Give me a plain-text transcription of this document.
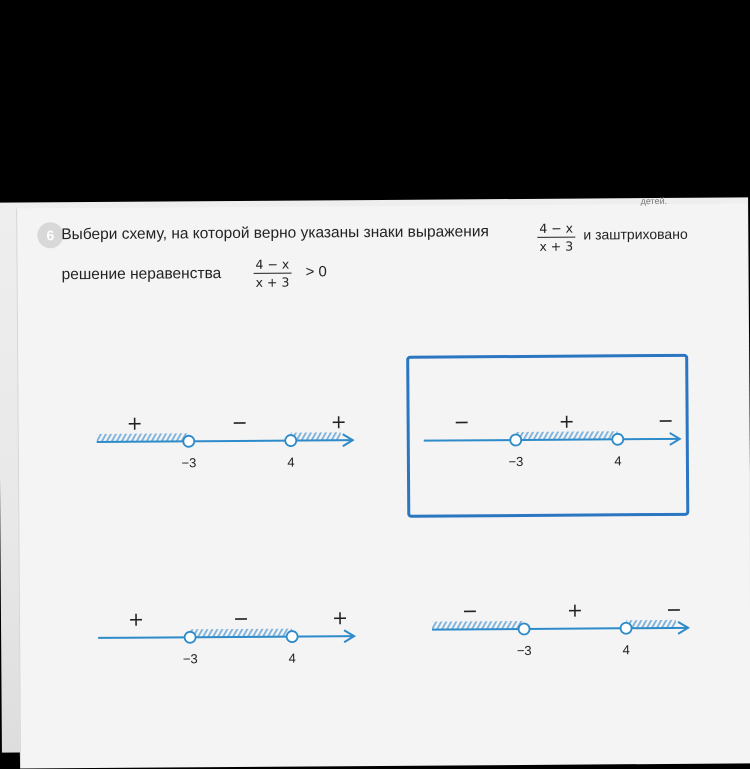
детей.
6 Выбери схему, на которой верно указаны знаки выражения	$\frac{4 - x}{x + 3}$ и заштриховано
решение неравенства	$\frac{4 - x}{x + 3} > 0$
−3	4
+	−	+
−3	4
−	+	−
−3	4
+	−	+
−3	4
−	+	−
